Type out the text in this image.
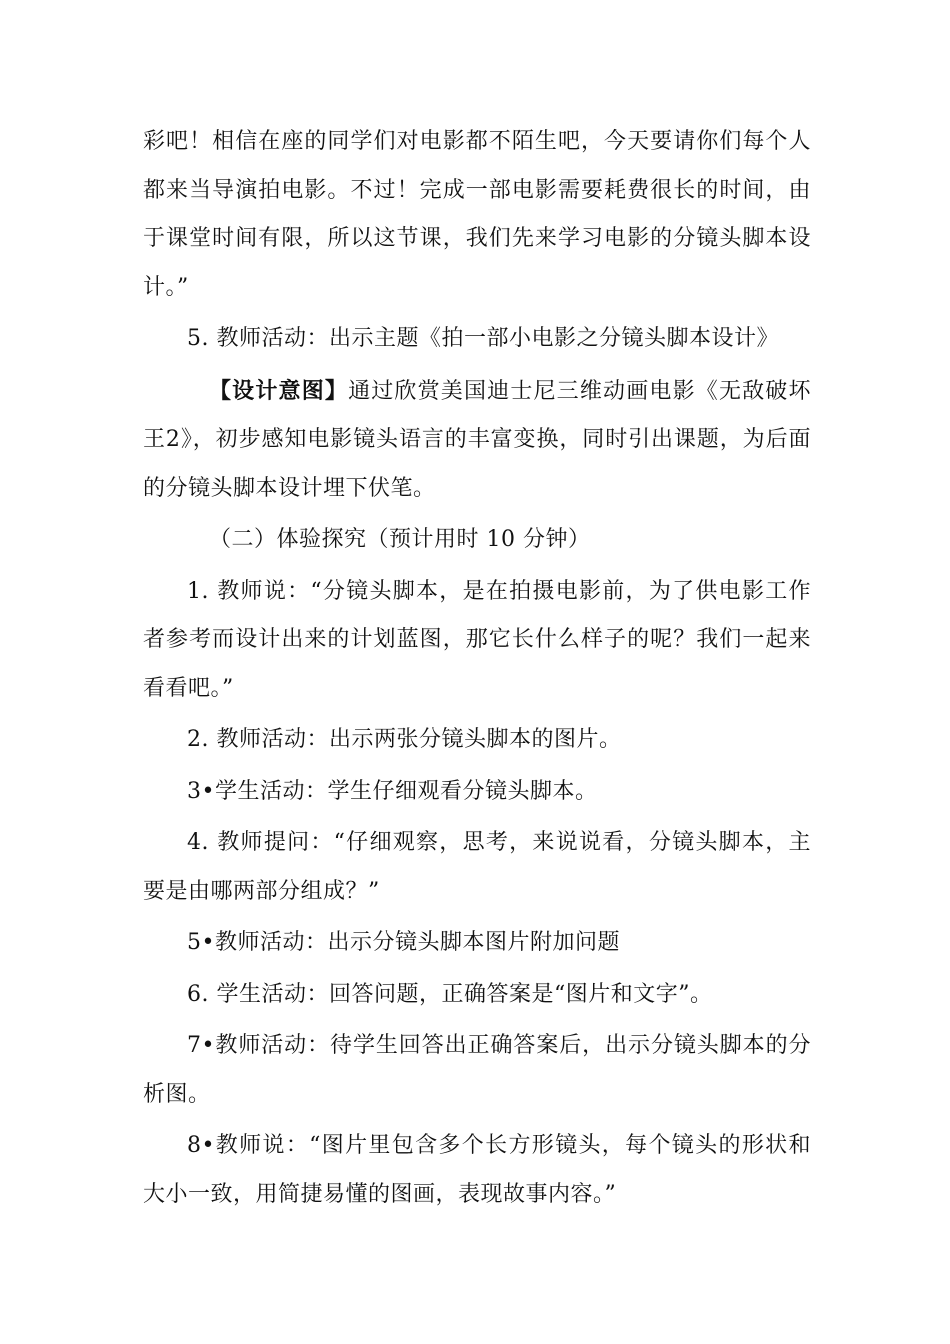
彩吧！相信在座的同学们对电影都不陌生吧，今天要请你们每个人都来当导演拍电影。不过！完成一部电影需要耗费很长的时间，由于课堂时间有限，所以这节课，我们先来学习电影的分镜头脚本设计。”

5. 教师活动：出示主题《拍一部小电影之分镜头脚本设计》

【设计意图】通过欣赏美国迪士尼三维动画电影《无敌破坏王2》，初步感知电影镜头语言的丰富变换，同时引出课题，为后面的分镜头脚本设计埋下伏笔。

（二）体验探究（预计用时 10 分钟）

1. 教师说：“分镜头脚本，是在拍摄电影前，为了供电影工作者参考而设计出来的计划蓝图，那它长什么样子的呢？我们一起来看看吧。”

2. 教师活动：出示两张分镜头脚本的图片。

3•学生活动：学生仔细观看分镜头脚本。

4. 教师提问：“仔细观察，思考，来说说看，分镜头脚本，主要是由哪两部分组成？”

5•教师活动：出示分镜头脚本图片附加问题

6. 学生活动：回答问题，正确答案是“图片和文字”。

7•教师活动：待学生回答出正确答案后，出示分镜头脚本的分析图。

8•教师说：“图片里包含多个长方形镜头，每个镜头的形状和大小一致，用简捷易懂的图画，表现故事内容。”
